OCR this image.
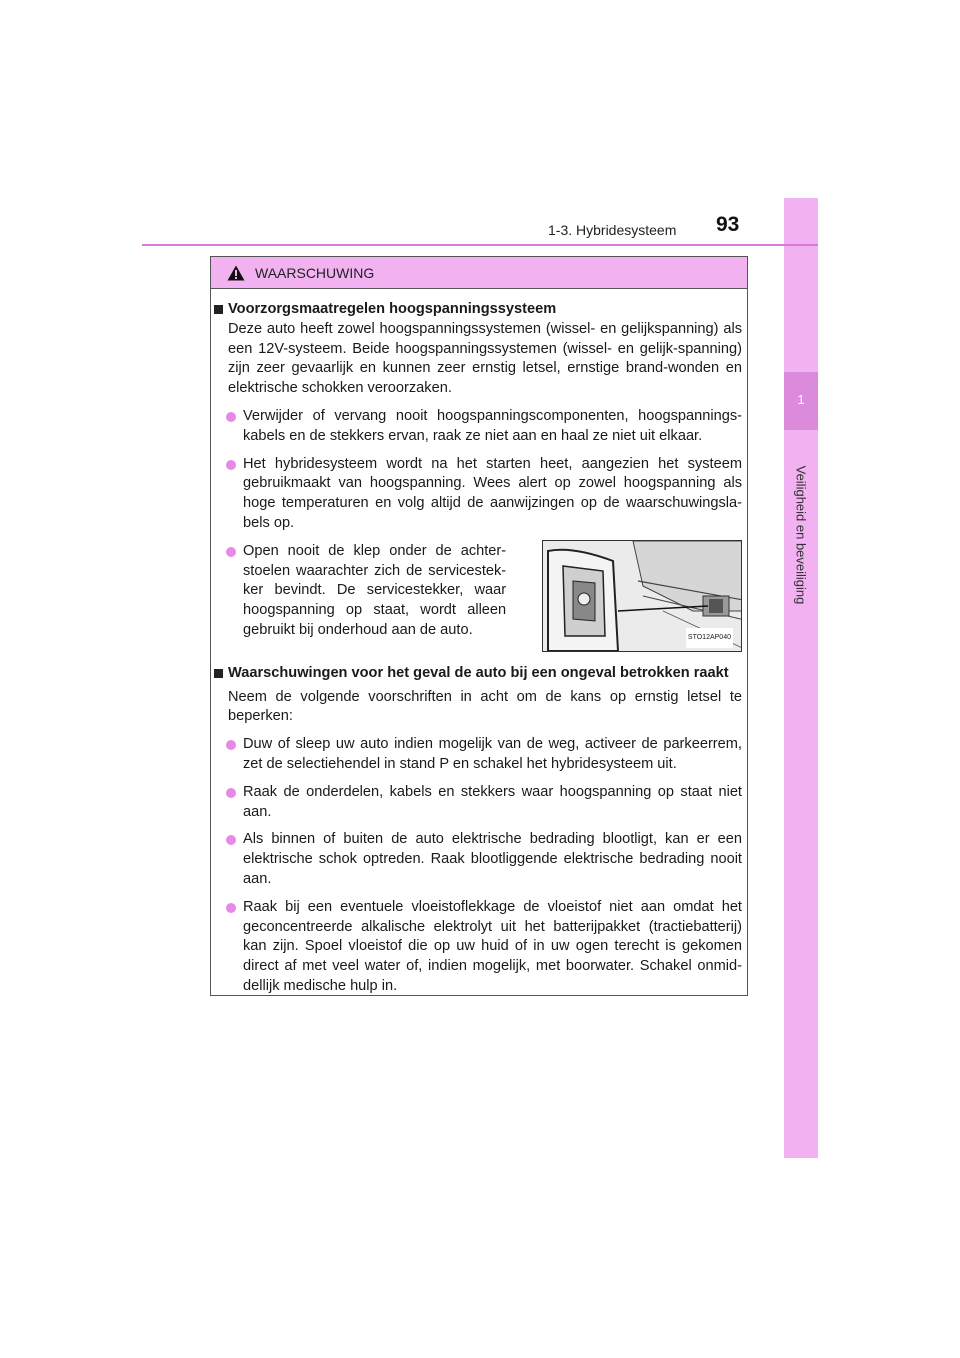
1
Veiligheid en beveiliging
1-3. Hybridesysteem 93
WAARSCHUWING
Voorzorgsmaatregelen hoogspanningssysteem
Deze auto heeft zowel hoogspanningssystemen (wissel- en gelijkspanning) als een 12V-systeem. Beide hoogspanningssystemen (wissel- en gelijk-spanning) zijn zeer gevaarlijk en kunnen zeer ernstig letsel, ernstige brand-wonden en elektrische schokken veroorzaken.
Verwijder of vervang nooit hoogspanningscomponenten, hoogspannings-kabels en de stekkers ervan, raak ze niet aan en haal ze niet uit elkaar.
Het hybridesysteem wordt na het starten heet, aangezien het systeem gebruikmaakt van hoogspanning. Wees alert op zowel hoogspanning als hoge temperaturen en volg altijd de aanwijzingen op de waarschuwingsla-bels op.
Open nooit de klep onder de achter-stoelen waarachter zich de servicestek-ker bevindt. De servicestekker, waar hoogspanning op staat, wordt alleen gebruikt bij onderhoud aan de auto.	STO12AP040
Waarschuwingen voor het geval de auto bij een ongeval betrokken raakt
Neem de volgende voorschriften in acht om de kans op ernstig letsel te beperken:
Duw of sleep uw auto indien mogelijk van de weg, activeer de parkeerrem, zet de selectiehendel in stand P en schakel het hybridesysteem uit.
Raak de onderdelen, kabels en stekkers waar hoogspanning op staat niet aan.
Als binnen of buiten de auto elektrische bedrading blootligt, kan er een elektrische schok optreden. Raak blootliggende elektrische bedrading nooit aan.
Raak bij een eventuele vloeistoflekkage de vloeistof niet aan omdat het geconcentreerde alkalische elektrolyt uit het batterijpakket (tractiebatterij) kan zijn. Spoel vloeistof die op uw huid of in uw ogen terecht is gekomen direct af met veel water of, indien mogelijk, met boorwater. Schakel onmid-dellijk medische hulp in.
